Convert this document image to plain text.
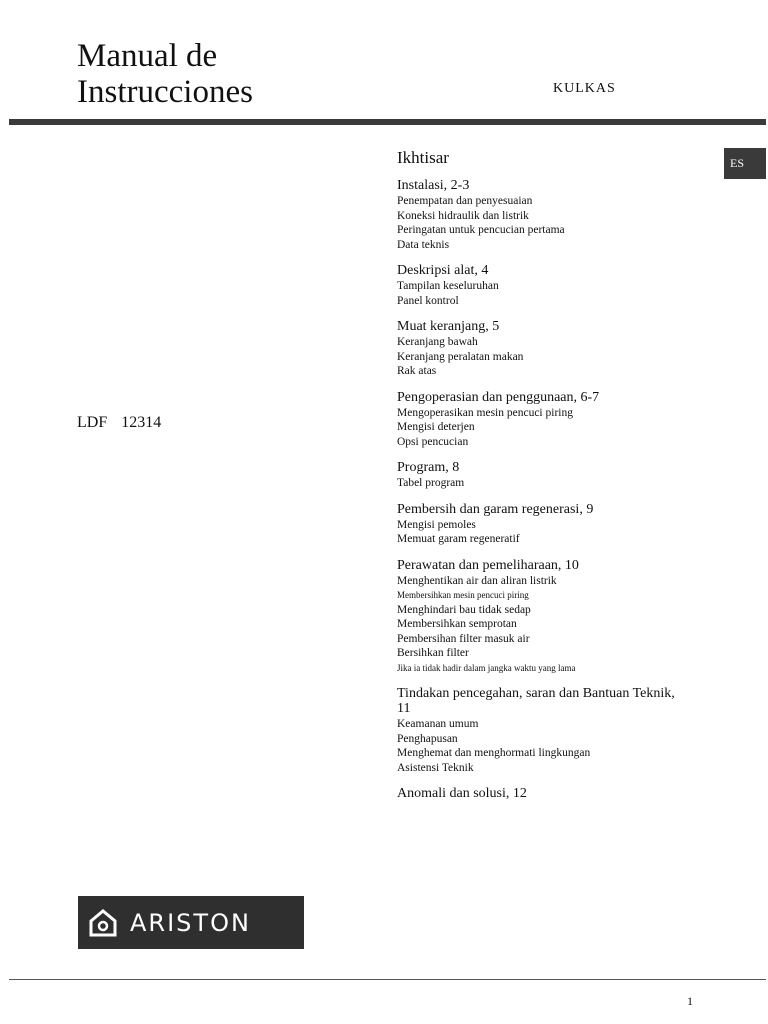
Manual de
Instrucciones	KULKAS
ES
LDF 12314
Ikhtisar
Instalasi, 2-3
Penempatan dan penyesuaian
Koneksi hidraulik dan listrik
Peringatan untuk pencucian pertama
Data teknis
Deskripsi alat, 4
Tampilan keseluruhan
Panel kontrol
Muat keranjang, 5
Keranjang bawah
Keranjang peralatan makan
Rak atas
Pengoperasian dan penggunaan, 6-7
Mengoperasikan mesin pencuci piring
Mengisi deterjen
Opsi pencucian
Program, 8
Tabel program
Pembersih dan garam regenerasi, 9
Mengisi pemoles
Memuat garam regeneratif
Perawatan dan pemeliharaan, 10
Menghentikan air dan aliran listrik
Membersihkan mesin pencuci piring
Menghindari bau tidak sedap
Membersihkan semprotan
Pembersihan filter masuk air
Bersihkan filter
Jika ia tidak hadir dalam jangka waktu yang lama
Tindakan pencegahan, saran dan Bantuan Teknik, 11
Keamanan umum
Penghapusan
Menghemat dan menghormati lingkungan
Asistensi Teknik
Anomali dan solusi, 12
ARISTON
1
